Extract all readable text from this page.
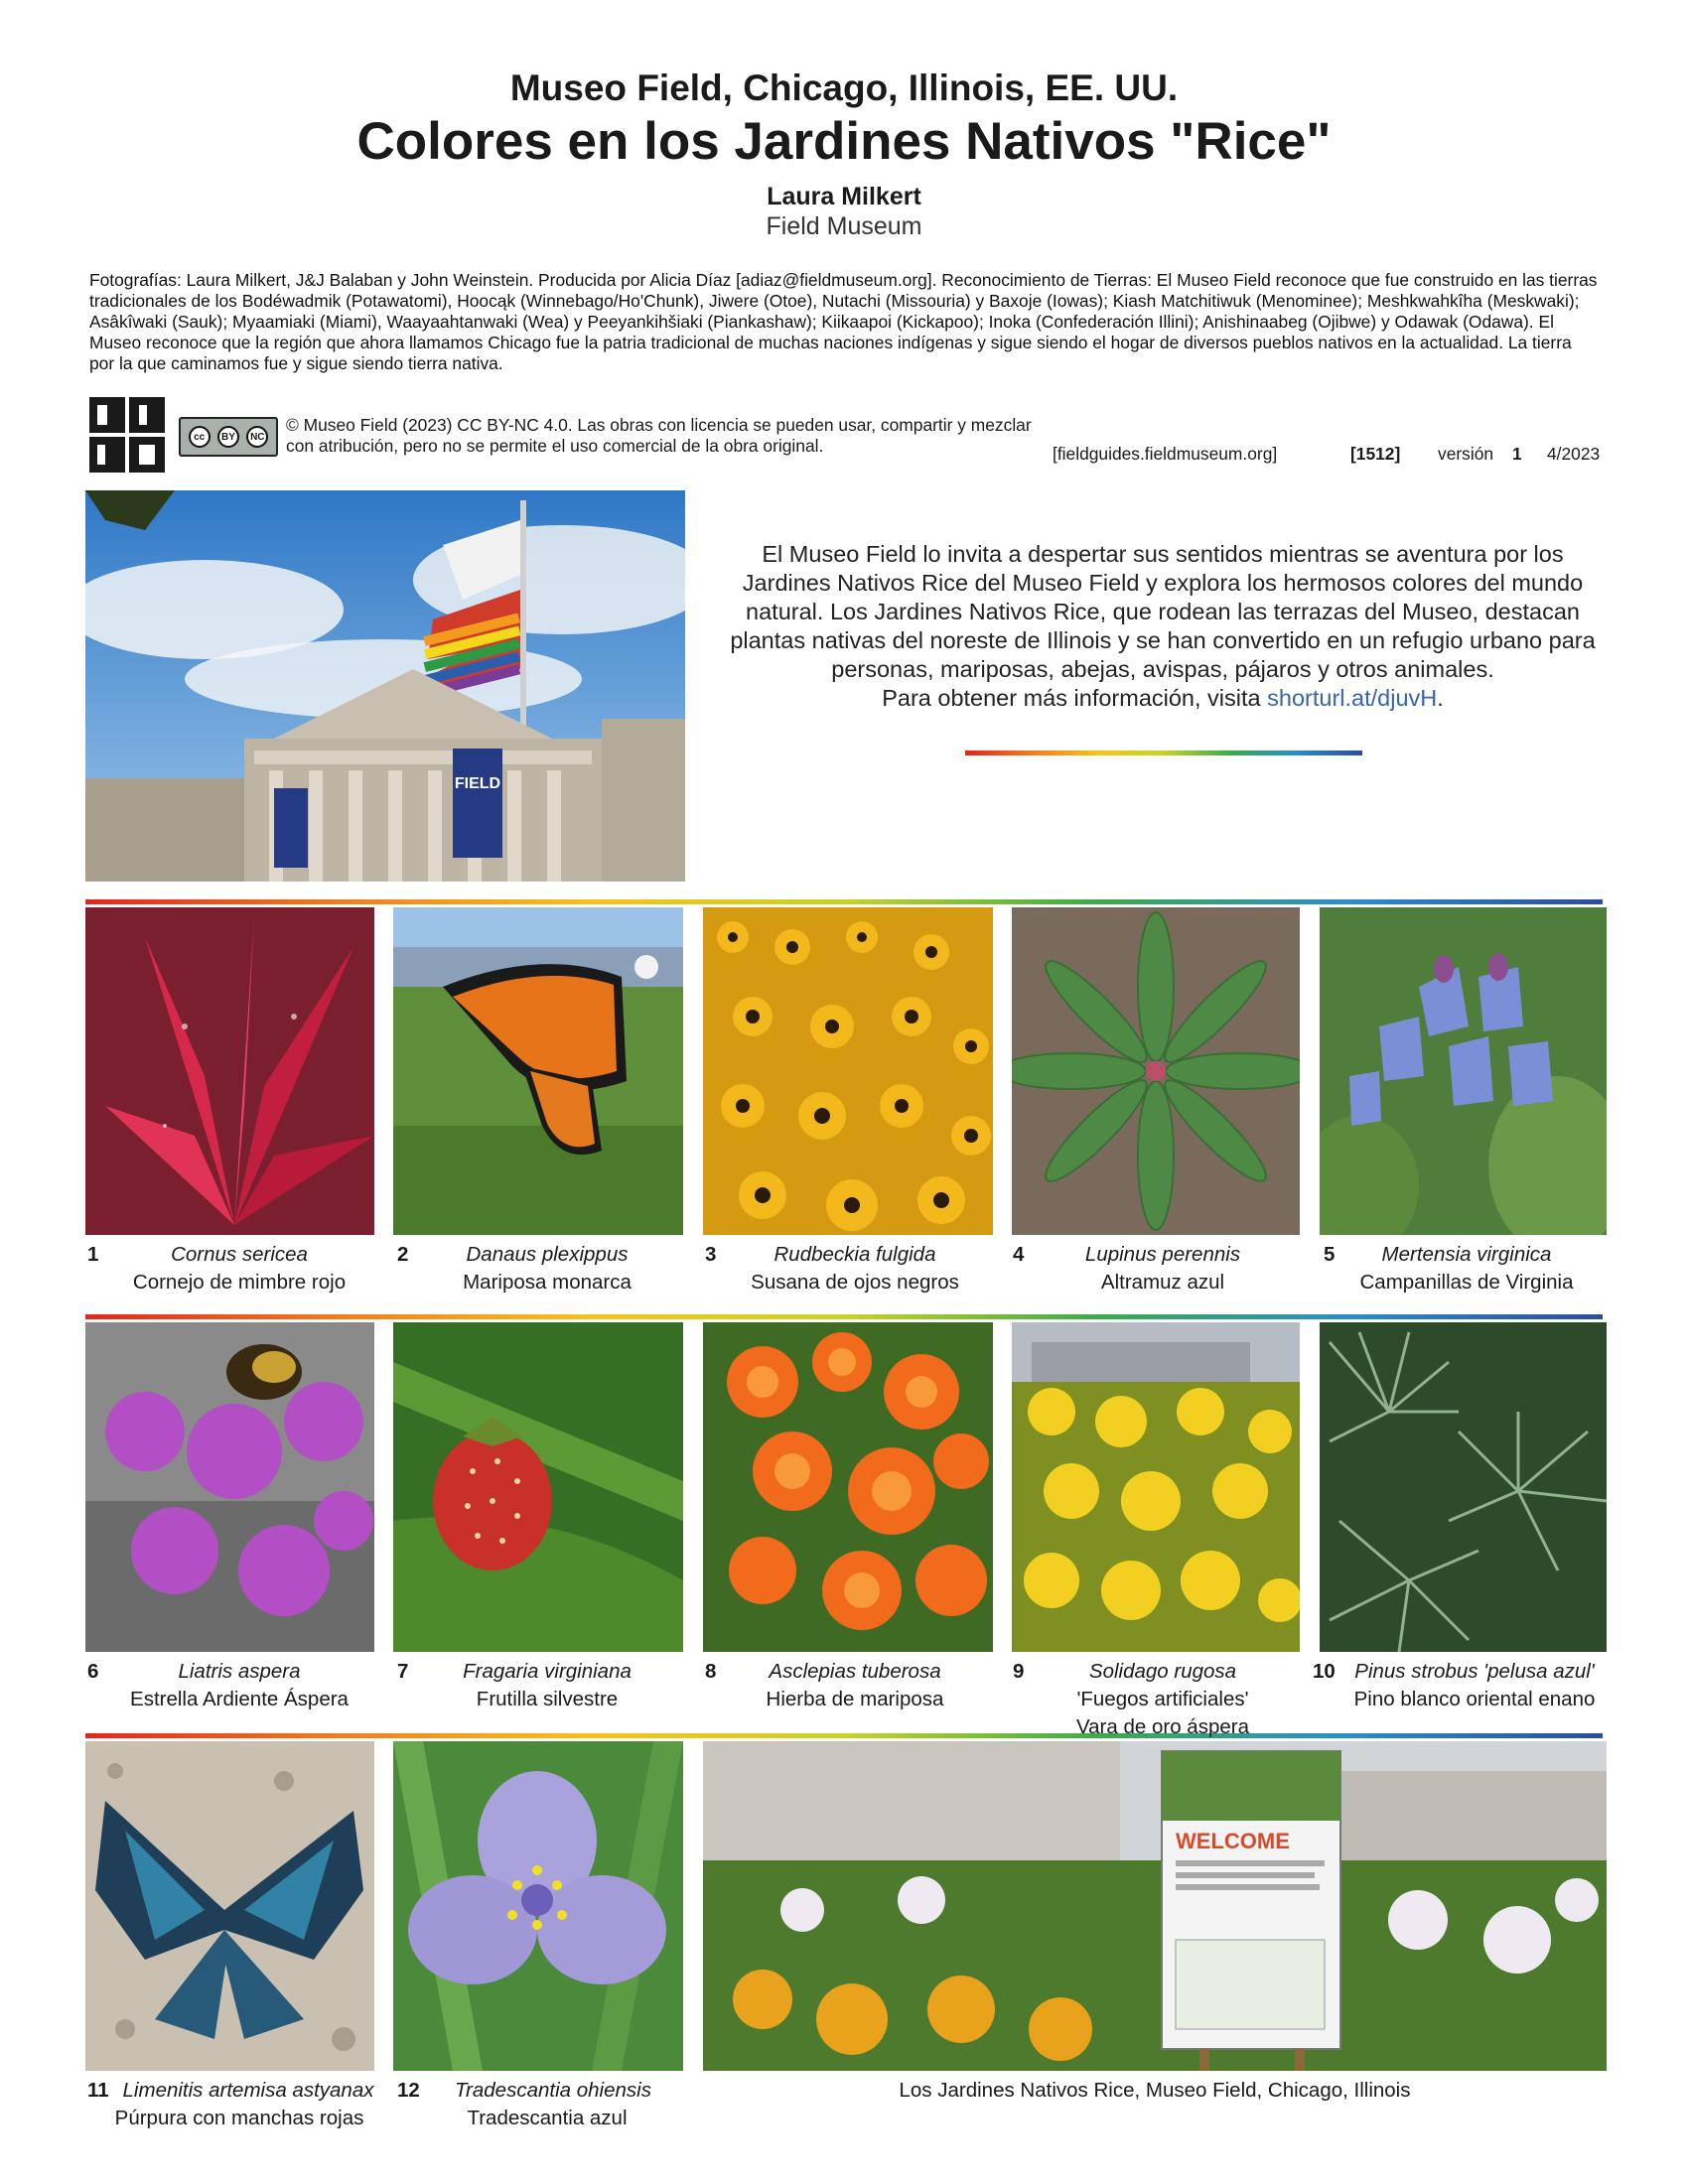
Museo Field, Chicago, Illinois, EE. UU.
Colores en los Jardines Nativos "Rice"
Laura Milkert
Field Museum
Fotografías: Laura Milkert, J&J Balaban y John Weinstein. Producida por Alicia Díaz [adiaz@fieldmuseum.org]. Reconocimiento de Tierras: El Museo Field reconoce que fue construido en las tierras tradicionales de los Bodéwadmik (Potawatomi), Hoocąk (Winnebago/Ho'Chunk), Jiwere (Otoe), Nutachi (Missouria) y Baxoje (Iowas); Kiash Matchitiwuk (Menominee); Meshkwahkîha (Meskwaki); Asâkîwaki (Sauk); Myaamiaki (Miami), Waayaahtanwaki (Wea) y Peeyankihšiaki (Piankashaw); Kiikaapoi (Kickapoo); Inoka (Confederación Illini); Anishinaabeg (Ojibwe) y Odawak (Odawa). El Museo reconoce que la región que ahora llamamos Chicago fue la patria tradicional de muchas naciones indígenas y sigue siendo el hogar de diversos pueblos nativos en la actualidad. La tierra por la que caminamos fue y sigue siendo tierra nativa.
cc	BY	NC
© Museo Field (2023) CC BY-NC 4.0. Las obras con licencia se pueden usar, compartir y mezclar con atribución, pero no se permite el uso comercial de la obra original.	[fieldguides.fieldmuseum.org]	[1512] versión 1 4/2023
FIELD
El Museo Field lo invita a despertar sus sentidos mientras se aventura por los Jardines Nativos Rice del Museo Field y explora los hermosos colores del mundo natural. Los Jardines Nativos Rice, que rodean las terrazas del Museo, destacan plantas nativas del noreste de Illinois y se han convertido en un refugio urbano para personas, mariposas, abejas, avispas, pájaros y otros animales.
Para obtener más información, visita shorturl.at/djuvH.
1	Cornus sericea
Cornejo de mimbre rojo
2	Danaus plexippus
Mariposa monarca
3	Rudbeckia fulgida
Susana de ojos negros
4	Lupinus perennis
Altramuz azul
5	Mertensia virginica
Campanillas de Virginia
6	Liatris aspera
Estrella Ardiente Áspera
7	Fragaria virginiana
Frutilla silvestre
8	Asclepias tuberosa
Hierba de mariposa
9	Solidago rugosa
'Fuegos artificiales'
Vara de oro áspera
10 Pinus strobus 'pelusa azul'
Pino blanco oriental enano
WELCOME
11 Limenitis artemisa astyanax
Púrpura con manchas rojas
12	Tradescantia ohiensis
Tradescantia azul
Los Jardines Nativos Rice, Museo Field, Chicago, Illinois
